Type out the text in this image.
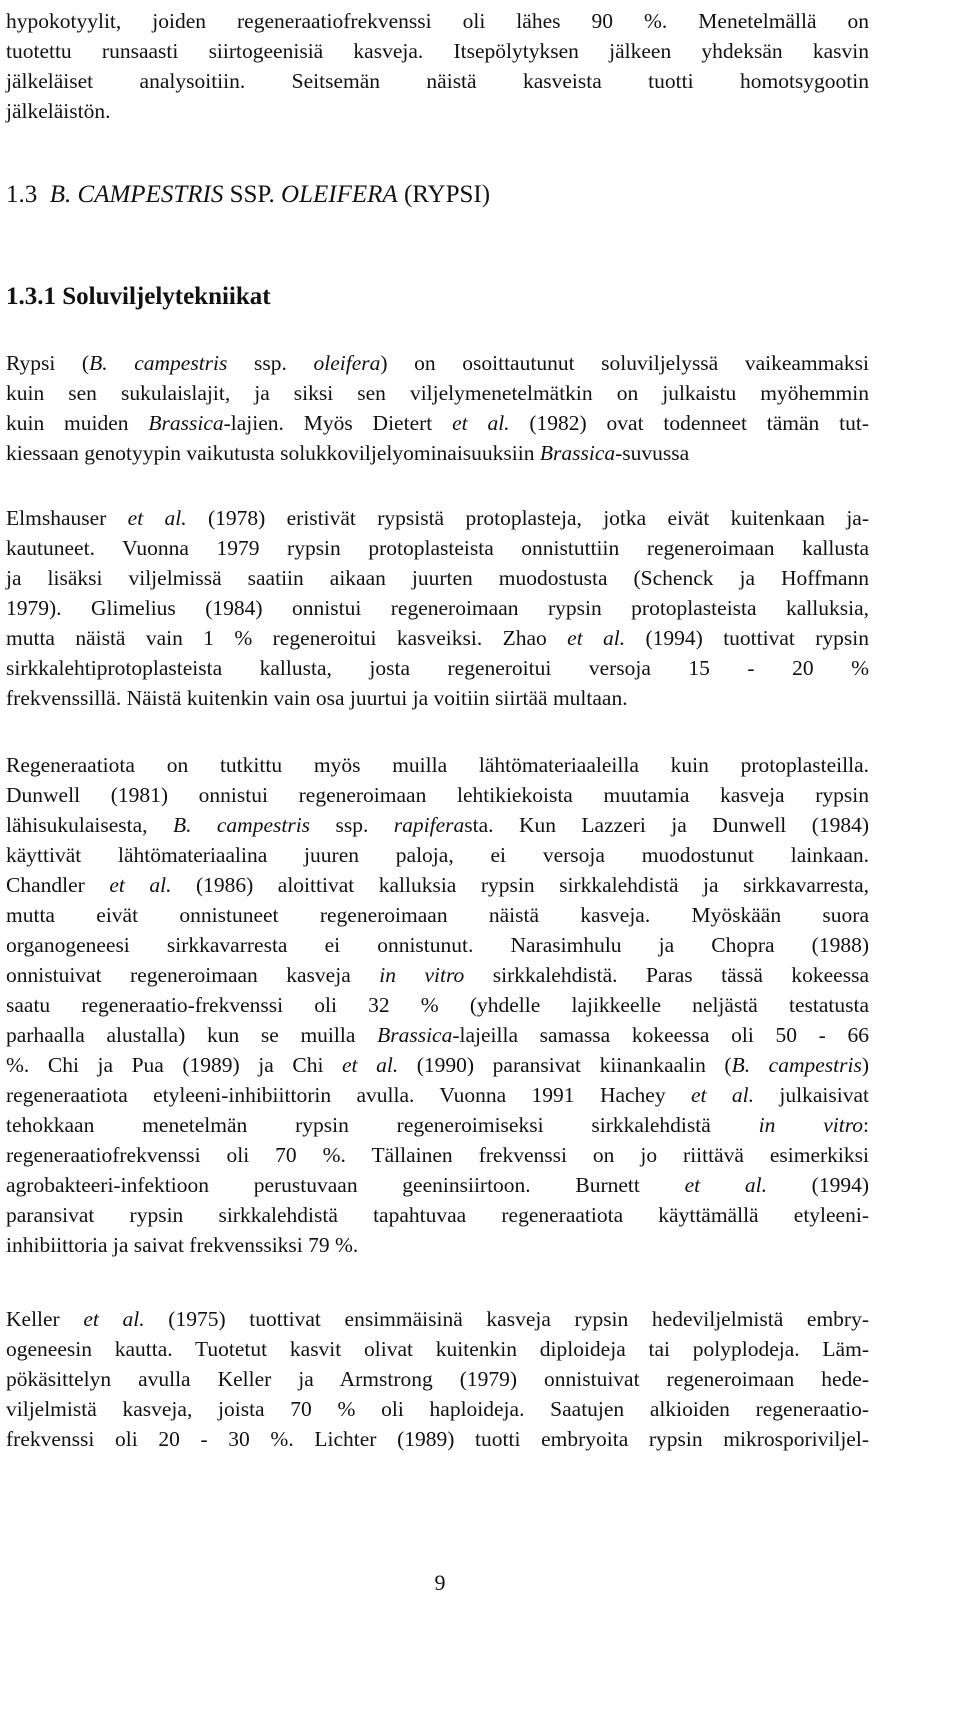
hypokotyylit, joiden regeneraatiofrekvenssi oli lähes 90 %. Menetelmällä on
tuotettu runsaasti siirtogeenisiä kasveja. Itsepölytyksen jälkeen yhdeksän kasvin
jälkeläiset analysoitiin. Seitsemän näistä kasveista tuotti homotsygootin
jälkeläistön.
1.3 B. CAMPESTRIS SSP. OLEIFERA (RYPSI)
1.3.1 Soluviljelytekniikat
Rypsi (B. campestris ssp. oleifera) on osoittautunut soluviljelyssä vaikeammaksi
kuin sen sukulaislajit, ja siksi sen viljelymenetelmätkin on julkaistu myöhemmin
kuin muiden Brassica-lajien. Myös Dietert et al. (1982) ovat todenneet tämän tut-
kiessaan genotyypin vaikutusta solukkoviljelyominaisuuksiin Brassica-suvussa
Elmshauser et al. (1978) eristivät rypsistä protoplasteja, jotka eivät kuitenkaan ja-
kautuneet. Vuonna 1979 rypsin protoplasteista onnistuttiin regeneroimaan kallusta
ja lisäksi viljelmissä saatiin aikaan juurten muodostusta (Schenck ja Hoffmann
1979). Glimelius (1984) onnistui regeneroimaan rypsin protoplasteista kalluksia,
mutta näistä vain 1 % regeneroitui kasveiksi. Zhao et al. (1994) tuottivat rypsin
sirkkalehtiprotoplasteista kallusta, josta regeneroitui versoja 15 - 20 %
frekvenssillä. Näistä kuitenkin vain osa juurtui ja voitiin siirtää multaan.
Regeneraatiota on tutkittu myös muilla lähtömateriaaleilla kuin protoplasteilla.
Dunwell (1981) onnistui regeneroimaan lehtikiekoista muutamia kasveja rypsin
lähisukulaisesta, B. campestris ssp. rapiferasta. Kun Lazzeri ja Dunwell (1984)
käyttivät lähtömateriaalina juuren paloja, ei versoja muodostunut lainkaan.
Chandler et al. (1986) aloittivat kalluksia rypsin sirkkalehdistä ja sirkkavarresta,
mutta eivät onnistuneet regeneroimaan näistä kasveja. Myöskään suora
organogeneesi sirkkavarresta ei onnistunut. Narasimhulu ja Chopra (1988)
onnistuivat regeneroimaan kasveja in vitro sirkkalehdistä. Paras tässä kokeessa
saatu regeneraatio-frekvenssi oli 32 % (yhdelle lajikkeelle neljästä testatusta
parhaalla alustalla) kun se muilla Brassica-lajeilla samassa kokeessa oli 50 - 66
%. Chi ja Pua (1989) ja Chi et al. (1990) paransivat kiinankaalin (B. campestris)
regeneraatiota etyleeni-inhibiittorin avulla. Vuonna 1991 Hachey et al. julkaisivat
tehokkaan menetelmän rypsin regeneroimiseksi sirkkalehdistä in vitro:
regeneraatiofrekvenssi oli 70 %. Tällainen frekvenssi on jo riittävä esimerkiksi
agrobakteeri-infektioon perustuvaan geeninsiirtoon. Burnett et al. (1994)
paransivat rypsin sirkkalehdistä tapahtuvaa regeneraatiota käyttämällä etyleeni-
inhibiittoria ja saivat frekvenssiksi 79 %.
Keller et al. (1975) tuottivat ensimmäisinä kasveja rypsin hedeviljelmistä embry-
ogeneesin kautta. Tuotetut kasvit olivat kuitenkin diploideja tai polyplodeja. Läm-
pökäsittelyn avulla Keller ja Armstrong (1979) onnistuivat regeneroimaan hede-
viljelmistä kasveja, joista 70 % oli haploideja. Saatujen alkioiden regeneraatio-
frekvenssi oli 20 - 30 %. Lichter (1989) tuotti embryoita rypsin mikrosporiviljel-
9
